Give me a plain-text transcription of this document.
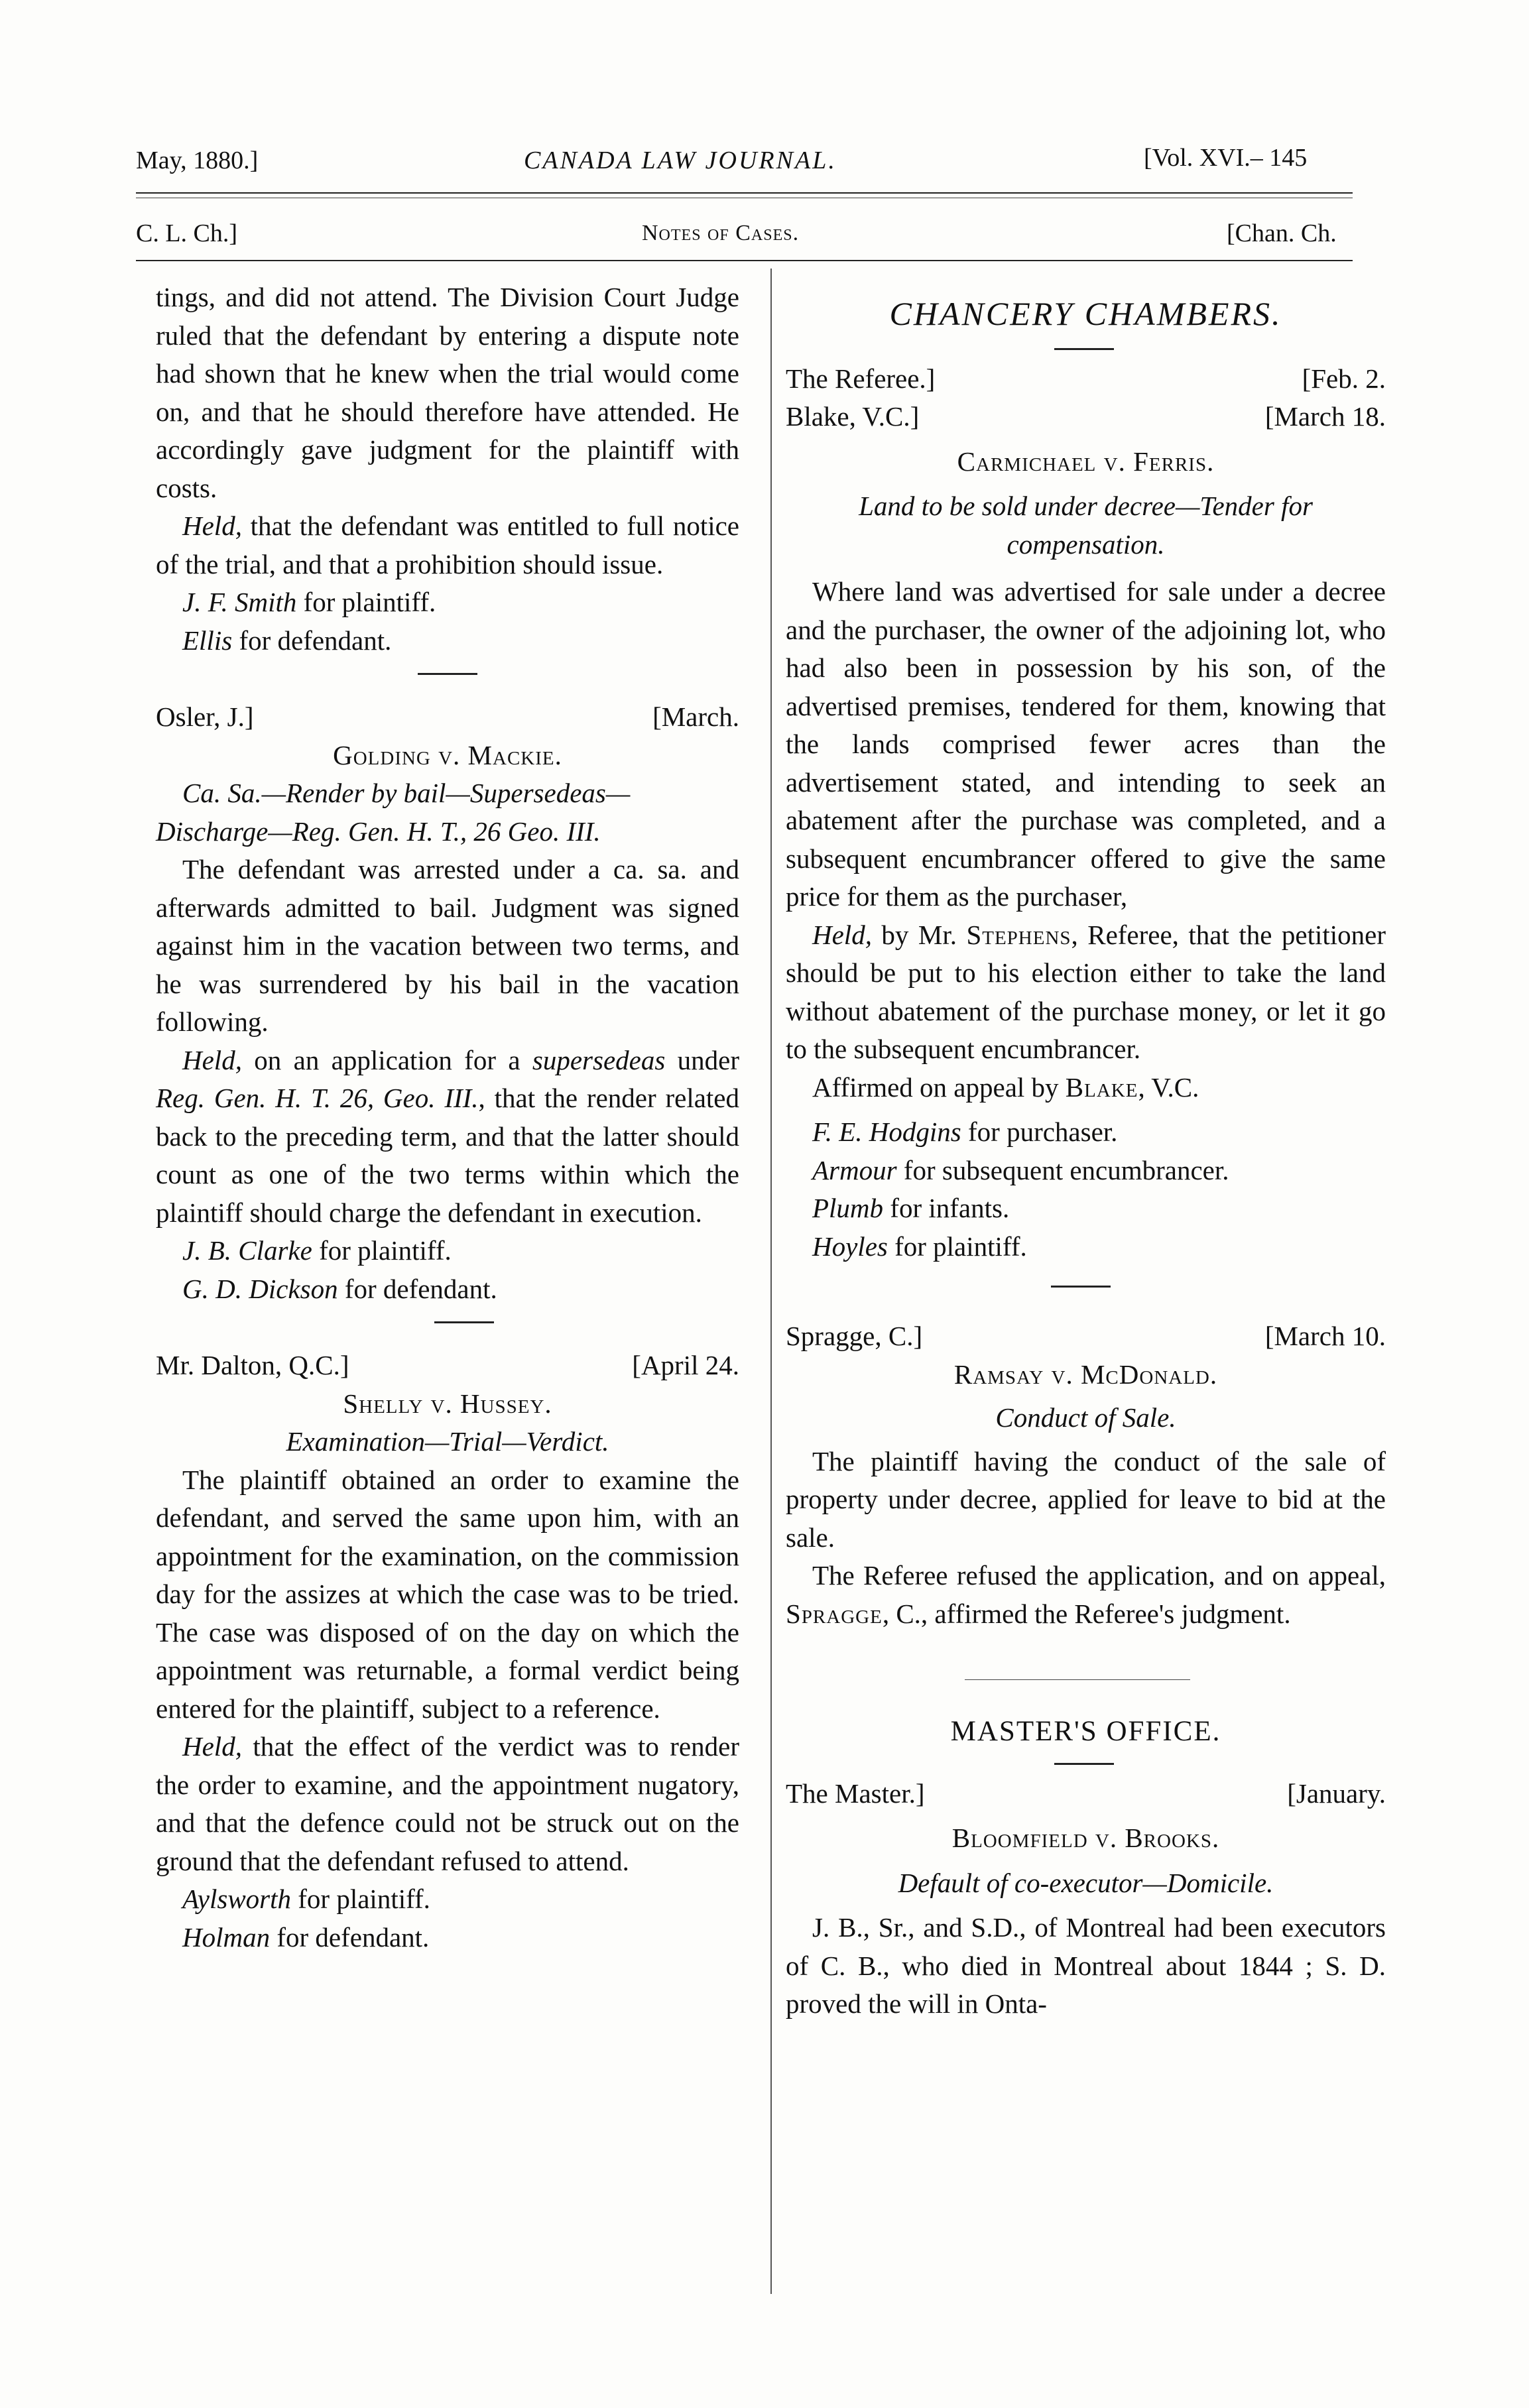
May, 1880.]	CANADA LAW JOURNAL.	[Vol. XVI.– 145
C. L. Ch.]	Notes of Cases.	[Chan. Ch.

tings, and did not attend. The Division Court Judge ruled that the defendant by entering a dispute note had shown that he knew when the trial would come on, and that he should therefore have attended. He accordingly gave judgment for the plaintiff with costs.

Held, that the defendant was entitled to full notice of the trial, and that a prohibition should issue.

J. F. Smith for plaintiff.

Ellis for defendant.

Osler, J.]	[March.

Golding v. Mackie.

Ca. Sa.—Render by bail—Supersedeas—Discharge—Reg. Gen. H. T., 26 Geo. III.

The defendant was arrested under a ca. sa. and afterwards admitted to bail. Judgment was signed against him in the vacation between two terms, and he was surrendered by his bail in the vacation following.

Held, on an application for a supersedeas under Reg. Gen. H. T. 26, Geo. III., that the render related back to the preceding term, and that the latter should count as one of the two terms within which the plaintiff should charge the defendant in execution.

J. B. Clarke for plaintiff.

G. D. Dickson for defendant.

Mr. Dalton, Q.C.]	[April 24.

Shelly v. Hussey.

Examination—Trial—Verdict.

The plaintiff obtained an order to examine the defendant, and served the same upon him, with an appointment for the examination, on the commission day for the assizes at which the case was to be tried. The case was disposed of on the day on which the appointment was returnable, a formal verdict being entered for the plaintiff, subject to a reference.

Held, that the effect of the verdict was to render the order to examine, and the appointment nugatory, and that the defence could not be struck out on the ground that the defendant refused to attend.

Aylsworth for plaintiff.

Holman for defendant.

CHANCERY CHAMBERS.

The Referee.]	[Feb. 2.
Blake, V.C.]	[March 18.

Carmichael v. Ferris.

Land to be sold under decree—Tender for compensation.

Where land was advertised for sale under a decree and the purchaser, the owner of the adjoining lot, who had also been in possession by his son, of the advertised premises, tendered for them, knowing that the lands comprised fewer acres than the advertisement stated, and intending to seek an abatement after the purchase was completed, and a subsequent encumbrancer offered to give the same price for them as the purchaser,

Held, by Mr. Stephens, Referee, that the petitioner should be put to his election either to take the land without abatement of the purchase money, or let it go to the subsequent encumbrancer.

Affirmed on appeal by Blake, V.C.

F. E. Hodgins for purchaser.

Armour for subsequent encumbrancer.

Plumb for infants.

Hoyles for plaintiff.

Spragge, C.]	[March 10.

Ramsay v. McDonald.

Conduct of Sale.

The plaintiff having the conduct of the sale of property under decree, applied for leave to bid at the sale.

The Referee refused the application, and on appeal, Spragge, C., affirmed the Referee's judgment.

MASTER'S OFFICE.

The Master.]	[January.

Bloomfield v. Brooks.

Default of co-executor—Domicile.

J. B., Sr., and S.D., of Montreal had been executors of C. B., who died in Montreal about 1844 ; S. D. proved the will in Onta-
